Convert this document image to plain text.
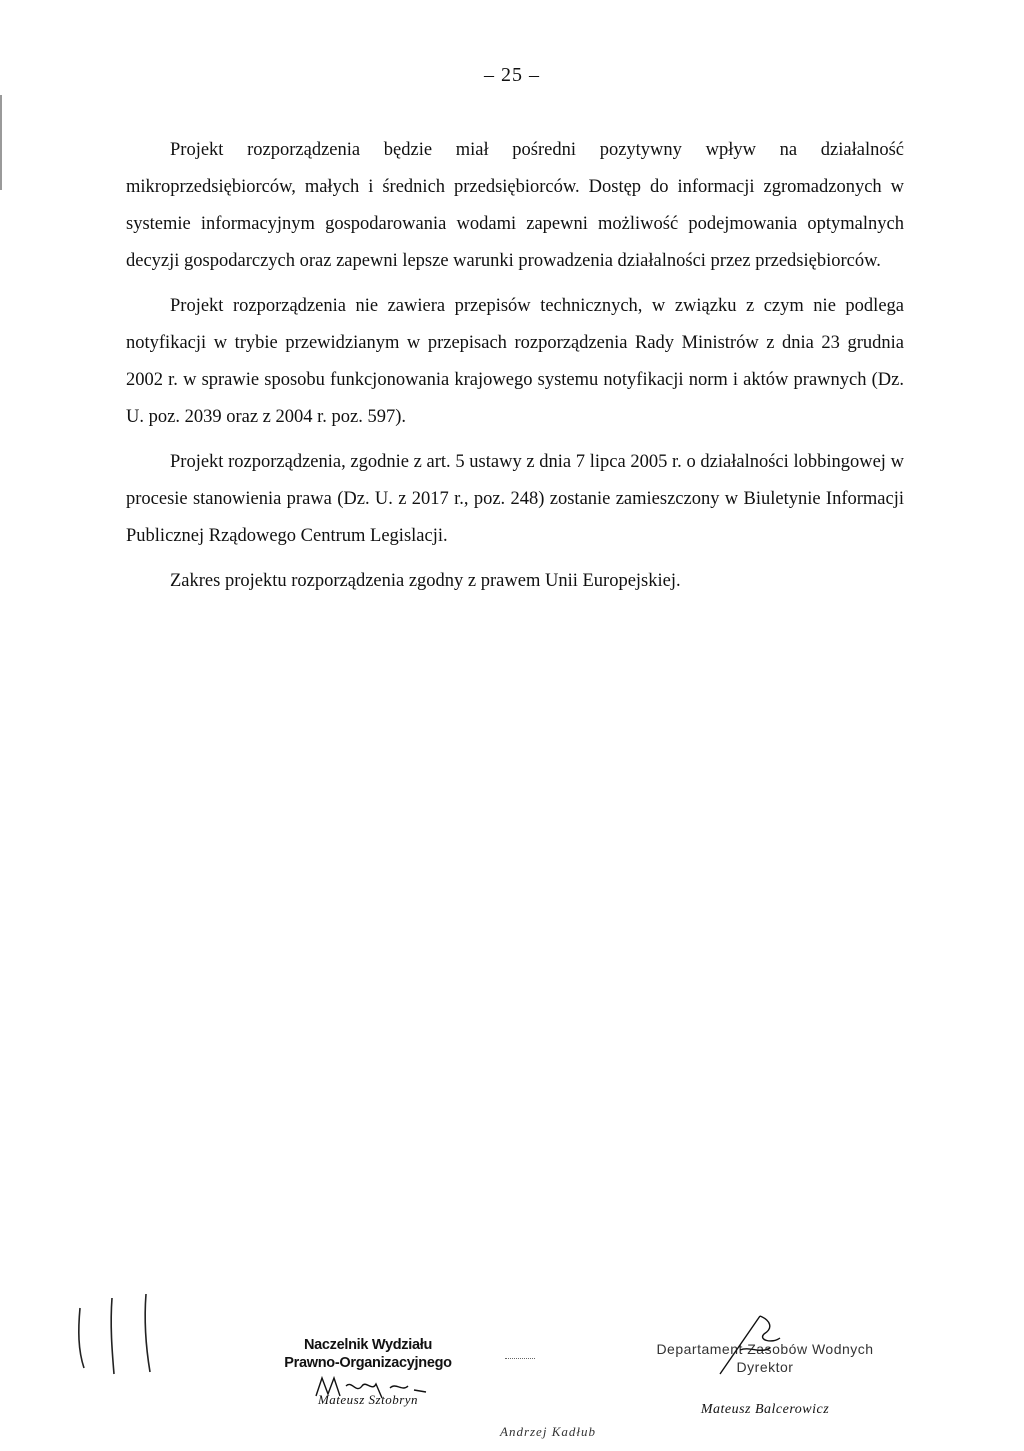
– 25 –

Projekt rozporządzenia będzie miał pośredni pozytywny wpływ na działalność mikroprzedsiębiorców, małych i średnich przedsiębiorców. Dostęp do informacji zgromadzonych w systemie informacyjnym gospodarowania wodami zapewni możliwość podejmowania optymalnych decyzji gospodarczych oraz zapewni lepsze warunki prowadzenia działalności przez przedsiębiorców.

Projekt rozporządzenia nie zawiera przepisów technicznych, w związku z czym nie podlega notyfikacji w trybie przewidzianym w przepisach rozporządzenia Rady Ministrów z dnia 23 grudnia 2002 r. w sprawie sposobu funkcjonowania krajowego systemu notyfikacji norm i aktów prawnych (Dz. U. poz. 2039 oraz z 2004 r. poz. 597).

Projekt rozporządzenia, zgodnie z art. 5 ustawy z dnia 7 lipca 2005 r. o działalności lobbingowej w procesie stanowienia prawa (Dz. U. z 2017 r., poz. 248) zostanie zamieszczony w Biuletynie Informacji Publicznej Rządowego Centrum Legislacji.

Zakres projektu rozporządzenia zgodny z prawem Unii Europejskiej.

Naczelnik Wydziału
Prawno-Organizacyjnego
Mateusz Sztobryn
Departament Zasobów Wodnych
Dyrektor
Mateusz Balcerowicz
Andrzej Kadłub
